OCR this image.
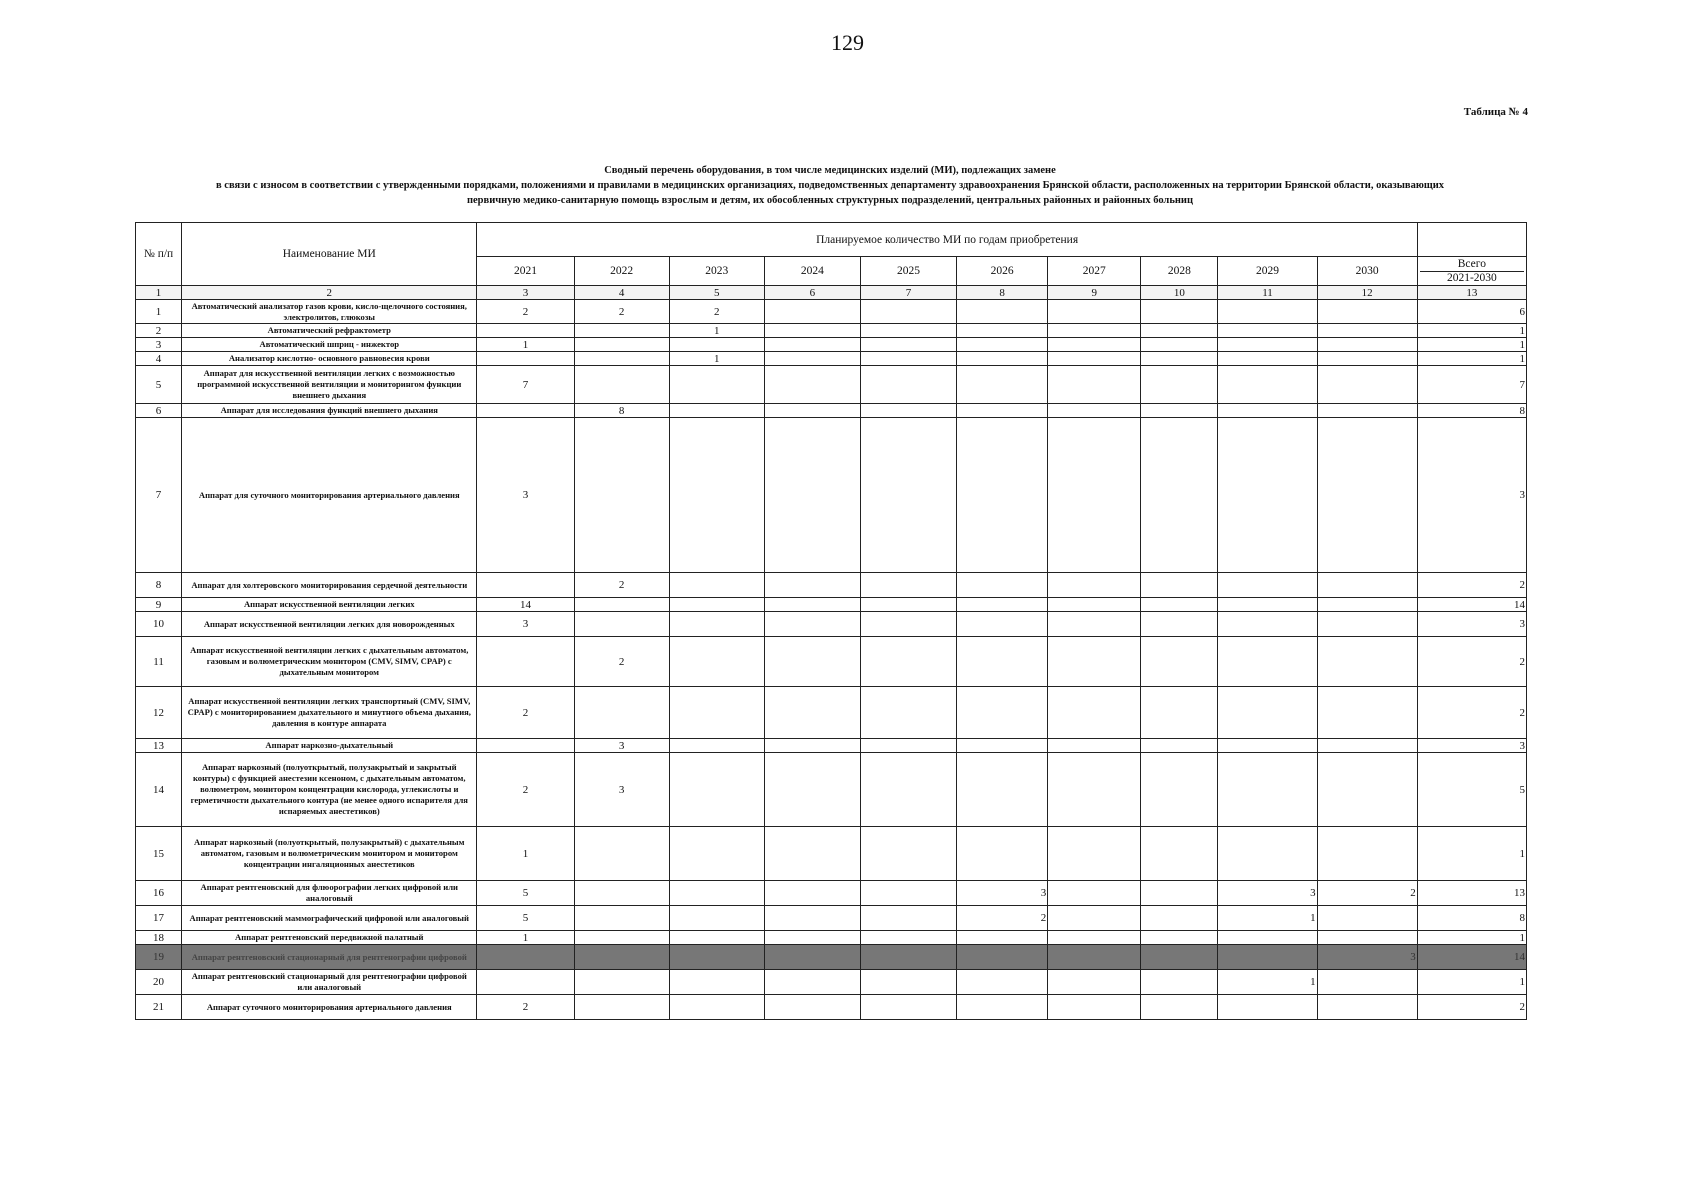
129
Таблица № 4
Сводный перечень оборудования, в том числе медицинских изделий (МИ), подлежащих замене
в связи с износом в соответствии с утвержденными порядками, положениями и правилами в медицинских организациях, подведомственных департаменту здравоохранения Брянской области, расположенных на территории Брянской области, оказывающих
первичную медико-санитарную помощь взрослым и детям, их обособленных структурных подразделений, центральных районных и районных больниц
№ п/п	Наименование МИ	Планируемое количество МИ по годам приобретения										
		2021	2022	2023	2024	2025	2026	2027	2028	2029	2030	Всего
2021-2030

1	2	3	4	5	6	7	8	9	10	11	12	13
1	Автоматический анализатор газов крови, кисло-щелочного состояния, электролитов, глюкозы	2	2	2								6
2	Автоматический рефрактометр			1								1
3	Автоматический шприц - инжектор	1										1
4	Анализатор кислотно- основного равновесия крови			1								1
5	Аппарат для искусственной вентиляции легких с возможностью программной искусственной вентиляции и мониторингом функции внешнего дыхания	7										7
6	Аппарат для исследования функций внешнего дыхания		8									8
7	Аппарат для суточного мониторирования артериального давления	3										3
8	Аппарат для холтеровского мониторирования сердечной деятельности		2									2
9	Аппарат искусственной вентиляции легких	14										14
10	Аппарат искусственной вентиляции легких для новорожденных	3										3
11	Аппарат искусственной вентиляции легких с дыхательным автоматом, газовым и волюметрическим монитором (CMV, SIMV, CPAP) с дыхательным монитором		2									2
12	Аппарат искусственной вентиляции легких транспортный (CMV, SIMV, CPAP) с мониторированием дыхательного и минутного объема дыхания, давления в контуре аппарата	2										2
13	Аппарат наркозно-дыхательный		3									3
14	Аппарат наркозный (полуоткрытый, полузакрытый и закрытый контуры) с функцией анестезии ксеноном, с дыхательным автоматом, волюметром, монитором концентрации кислорода, углекислоты и герметичности дыхательного контура (не менее одного испарителя для испаряемых анестетиков)	2	3									5
15	Аппарат наркозный (полуоткрытый, полузакрытый) с дыхательным автоматом, газовым и волюметрическим монитором и монитором концентрации ингаляционных анестетиков	1										1
16	Аппарат рентгеновский для флюорографии легких цифровой или аналоговый	5					3			3	2	13
17	Аппарат рентгеновский маммографический цифровой или аналоговый	5					2			1		8
18	Аппарат рентгеновский передвижной палатный	1										1
19	Аппарат рентгеновский стационарный для рентгенографии цифровой										3	14
20	Аппарат рентгеновский стационарный для рентгенографии цифровой или аналоговый									1		1
21	Аппарат суточного мониторирования артериального давления	2										2
